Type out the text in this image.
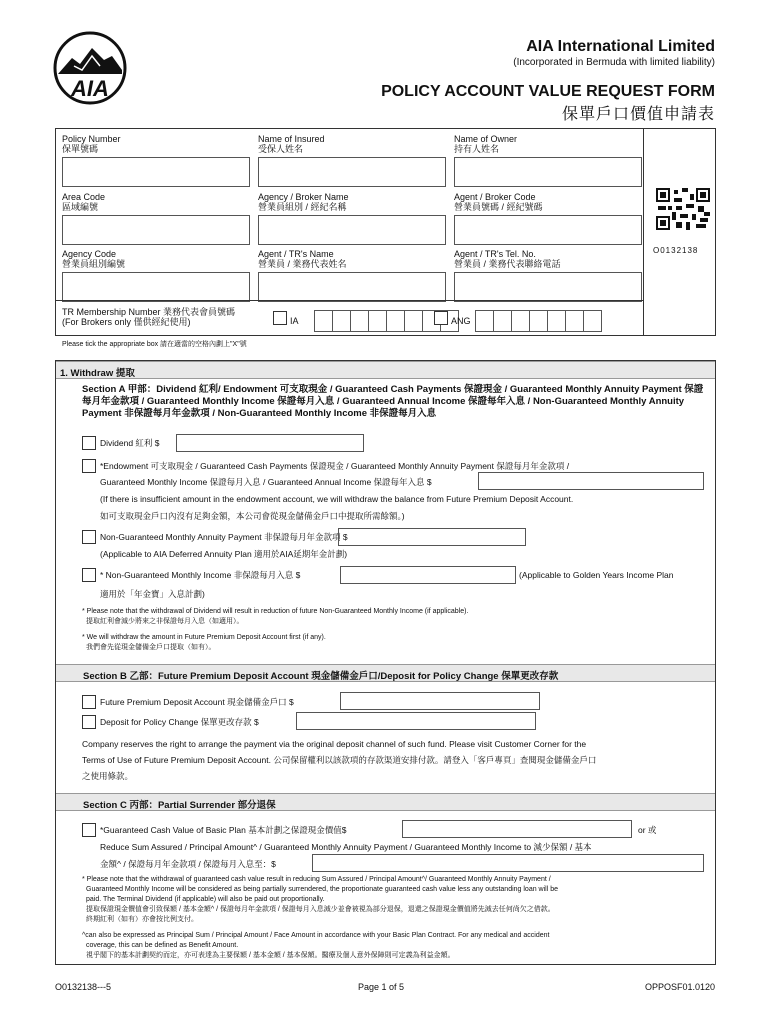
AIA
AIA International Limited
(Incorporated in Bermuda with limited liability)
POLICY ACCOUNT VALUE REQUEST FORM
保單戶口價值申請表
Policy Number
保單號碼
Name of Insured
受保人姓名
Name of Owner
持有人姓名
Area Code
區域編號
Agency / Broker Name
營業員組別 / 經紀名稱
Agent / Broker Code
營業員號碼 / 經紀號碼
Agency Code
營業員組別編號
Agent / TR's Name
營業員 / 業務代表姓名
Agent / TR's Tel. No.
營業員 / 業務代表聯絡電話
O0132138
TR Membership Number 業務代表會員號碼
(For Brokers only 僅供經紀使用)	IA	ANG
Please tick the appropriate box 請在適當的空格內劃上"X"號
1. Withdraw 提取
Section A 甲部：Dividend 紅利/ Endowment 可支取現金 / Guaranteed Cash Payments 保證現金 / Guaranteed Monthly Annuity Payment 保證每月年金款項 / Guaranteed Monthly Income 保證每月入息 / Guaranteed Annual Income 保證每年入息 / Non-Guaranteed Monthly Annuity Payment 非保證每月年金款項 / Non-Guaranteed Monthly Income 非保證每月入息
Dividend 紅利 $
*Endowment 可支取現金 / Guaranteed Cash Payments 保證現金 / Guaranteed Monthly Annuity Payment 保證每月年金款項 /
Guaranteed Monthly Income 保證每月入息 / Guaranteed Annual Income 保證每年入息 $
(If there is insufficient amount in the endowment account, we will withdraw the balance from Future Premium Deposit Account.
如可支取現金戶口內沒有足夠金額，本公司會從現金儲備金戶口中提取所需餘額。)
Non-Guaranteed Monthly Annuity Payment 非保證每月年金款項 $
(Applicable to AIA Deferred Annuity Plan 適用於AIA延期年金計劃)
* Non-Guaranteed Monthly Income 非保證每月入息 $	(Applicable to Golden Years Income Plan
適用於「年金寶」入息計劃)
* Please note that the withdrawal of Dividend will result in reduction of future Non-Guaranteed Monthly Income (if applicable).
提取紅利會減少將來之非保證每月入息（如適用）。
* We will withdraw the amount in Future Premium Deposit Account first (if any).
我們會先從現金儲備金戶口提取（如有）。
Section B 乙部：Future Premium Deposit Account 現金儲備金戶口/Deposit for Policy Change 保單更改存款
Future Premium Deposit Account 現金儲備金戶口 $
Deposit for Policy Change 保單更改存款 $
Company reserves the right to arrange the payment via the original deposit channel of such fund. Please visit Customer Corner for the
Terms of Use of Future Premium Deposit Account. 公司保留權利以該款項的存款渠道安排付款。請登入「客戶專頁」查閱現金儲備金戶口
之使用條款。
Section C 丙部：Partial Surrender 部分退保
*Guaranteed Cash Value of Basic Plan 基本計劃之保證現金價值$	or 或
Reduce Sum Assured / Principal Amount^ / Guaranteed Monthly Annuity Payment / Guaranteed Monthly Income to 減少保額 / 基本
金額^ / 保證每月年金款項 / 保證每月入息至：$
* Please note that the withdrawal of guaranteed cash value result in reducing Sum Assured / Principal Amount^/ Guaranteed Monthly Annuity Payment /
Guaranteed Monthly Income will be considered as being partially surrendered, the proportionate guaranteed cash value less any outstanding loan will be
paid. The Terminal Dividend (if applicable) will also be paid out proportionally.
提取保證現金價值會引致保額 / 基本金額^ / 保證每月年金款項 / 保證每月入息減少並會被視為部分退保，退還之保證現金價值將先減去任何尚欠之借款。
終期紅利（如有）亦會按比例支付。
^can also be expressed as Principal Sum / Principal Amount / Face Amount in accordance with your Basic Plan Contract. For any medical and accident
coverage, this can be defined as Benefit Amount.
視乎閣下的基本計劃契約而定，亦可表達為主要保額 / 基本金額 / 基本保額。醫療及個人意外保障則可定義為利益金額。
O0132138---5	Page 1 of 5	OPPOSF01.0120
